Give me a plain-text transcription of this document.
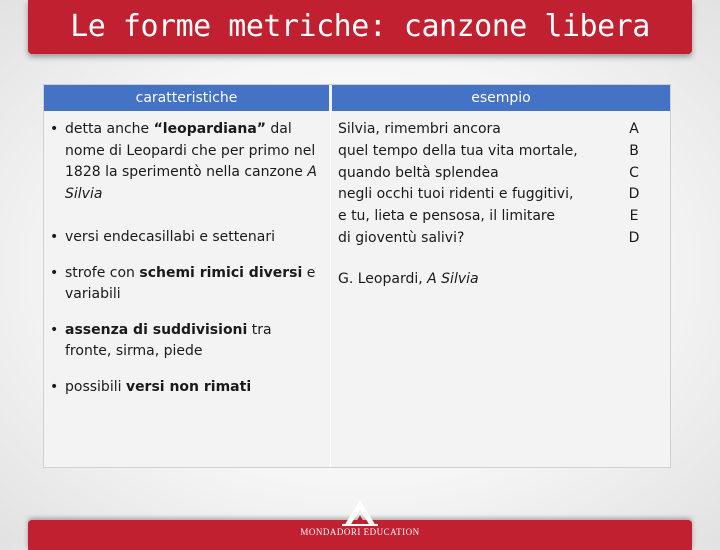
Le forme metriche: canzone libera
caratteristiche	esempio
• detta anche “leopardiana” dal nome di Leopardi che per primo nel 1828 la sperimentò nella canzone A Silvia
• versi endecasillabi e settenari
• strofe con schemi rimici diversi e variabili
• assenza di suddivisioni tra fronte, sirma, piede
• possibili versi non rimati
Silvia, rimembri ancora
quel tempo della tua vita mortale,
quando beltà splendea
negli occhi tuoi ridenti e fuggitivi,
e tu, lieta e pensosa, il limitare
di gioventù salivi?
A
B
C
D
E
D
G. Leopardi, A Silvia
MONDADORI EDUCATION
